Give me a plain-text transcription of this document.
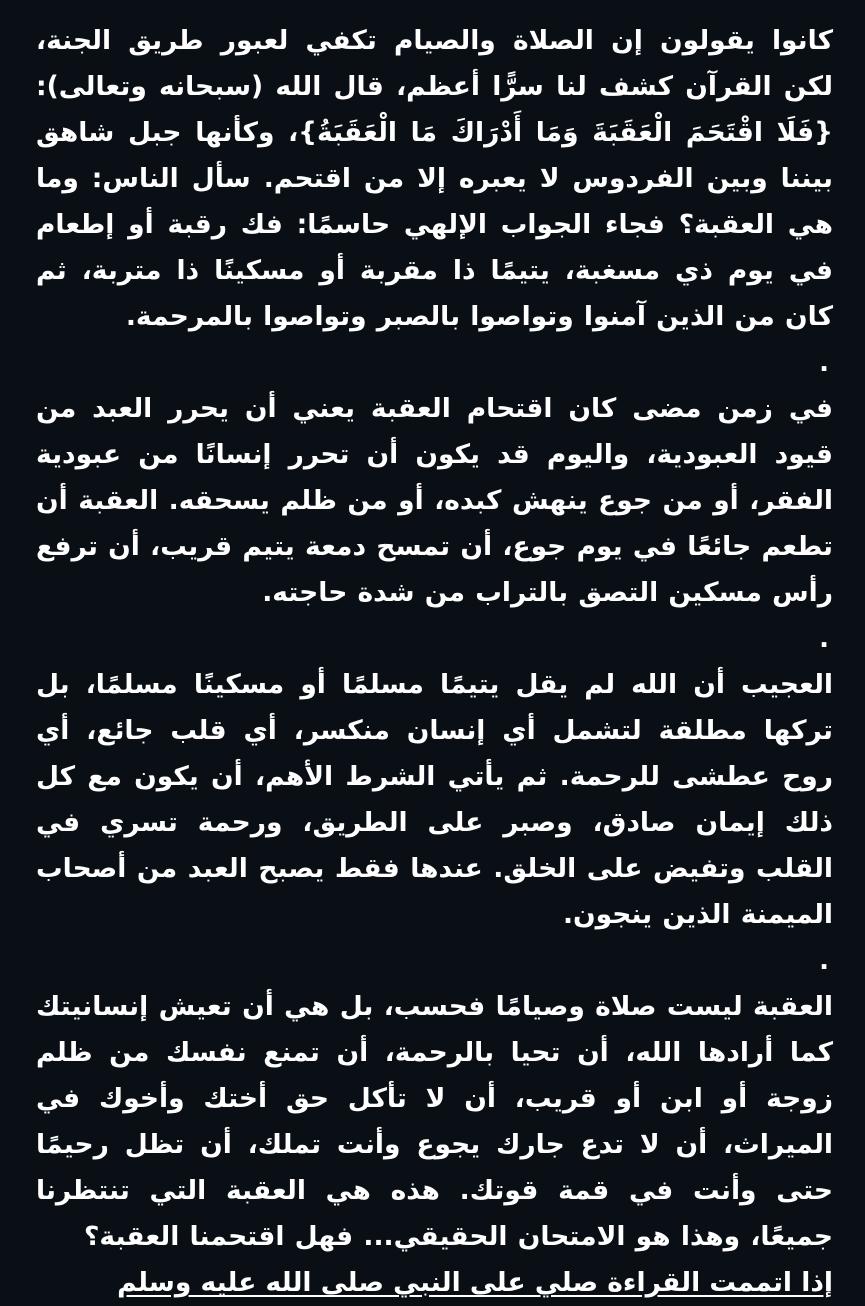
كانوا يقولون إن الصلاة والصيام تكفي لعبور طريق الجنة، لكن القرآن كشف لنا سرًّا أعظم، قال الله (سبحانه وتعالى): {فَلَا اقْتَحَمَ الْعَقَبَةَ وَمَا أَدْرَاكَ مَا الْعَقَبَةُ}، وكأنها جبل شاهق بيننا وبين الفردوس لا يعبره إلا من اقتحم. سأل الناس: وما هي العقبة؟ فجاء الجواب الإلهي حاسمًا: فك رقبة أو إطعام في يوم ذي مسغبة، يتيمًا ذا مقربة أو مسكينًا ذا متربة، ثم كان من الذين آمنوا وتواصوا بالصبر وتواصوا بالمرحمة.

.

في زمن مضى كان اقتحام العقبة يعني أن يحرر العبد من قيود العبودية، واليوم قد يكون أن تحرر إنسانًا من عبودية الفقر، أو من جوع ينهش كبده، أو من ظلم يسحقه. العقبة أن تطعم جائعًا في يوم جوع، أن تمسح دمعة يتيم قريب، أن ترفع رأس مسكين التصق بالتراب من شدة حاجته.

.

العجيب أن الله لم يقل يتيمًا مسلمًا أو مسكينًا مسلمًا، بل تركها مطلقة لتشمل أي إنسان منكسر، أي قلب جائع، أي روح عطشى للرحمة. ثم يأتي الشرط الأهم، أن يكون مع كل ذلك إيمان صادق، وصبر على الطريق، ورحمة تسري في القلب وتفيض على الخلق. عندها فقط يصبح العبد من أصحاب الميمنة الذين ينجون.

.

العقبة ليست صلاة وصيامًا فحسب، بل هي أن تعيش إنسانيتك كما أرادها الله، أن تحيا بالرحمة، أن تمنع نفسك من ظلم زوجة أو ابن أو قريب، أن لا تأكل حق أختك وأخوك في الميراث، أن لا تدع جارك يجوع وأنت تملك، أن تظل رحيمًا حتى وأنت في قمة قوتك. هذه هي العقبة التي تنتظرنا جميعًا، وهذا هو الامتحان الحقيقي... فهل اقتحمنا العقبة؟

إذا اتممت القراءة صلي على النبي صلى الله عليه وسلم
